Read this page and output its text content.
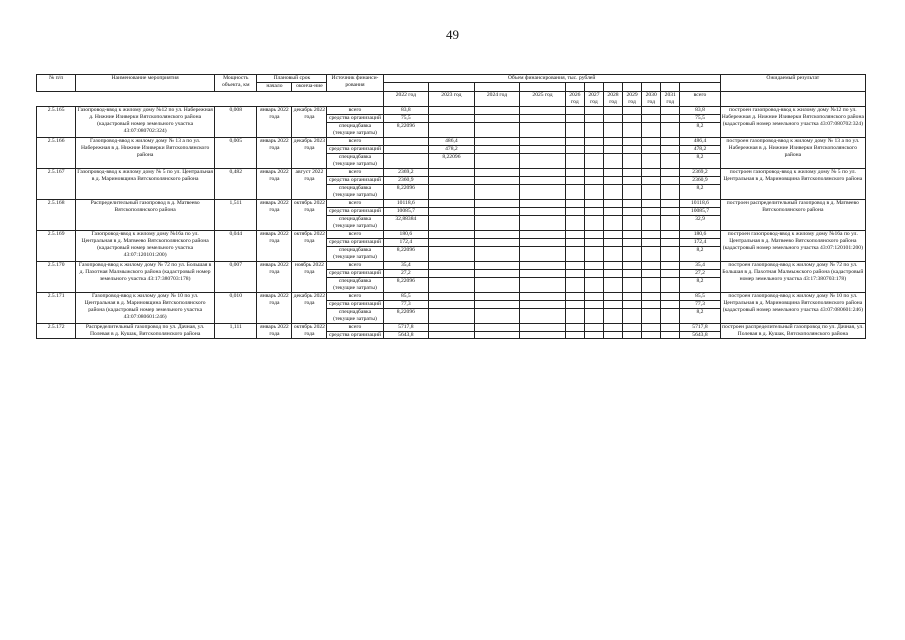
49
№ п/п	Наименование мероприятия	Мощность объекта, км	Плановый срок		Источник финанси-рования	Объем финансирования, тыс. рублей											Ожидаемый результат
			начало	оконча-ние													

						2022 год	2023 год	2024 год	2025 год	2026 год	2027 год	2028 год	2029 год	2030 год	2031 год	всего	
2.5.165	Газопровод-ввод к жилому дому №12 по ул. Набережная д. Нижние Изиверки Вятскополянского района (кадастровый номер земельного участка 43:07:080702:324)	0,008	январь 2022 года	декабрь 2022 года	всего	83,8										83,8	построен газопровод-ввод к жилому дому №12 по ул. Набережная д. Нижние Изиверки Вятскополянского района (кадастровый номер земельного участка 43:07:080702:324)
					средства организаций	75,5										75,5	
					спецнадбавка (текущие затраты)	8,22096										8,2	
2.5.166	Газопровод-ввод к жилому дому № 13 а по ул. Набережная в д. Нижние Изиверки Вятскополянского района	0,005	январь 2022 года	декабрь 2023 года	всего		486,4									486,4	построен газопровод-ввод к жилому дому № 13 а по ул. Набережная в д. Нижние Изиверки Вятскополянского района
					средства организаций		478,2									478,2	
					спецнадбавка (текущие затраты)		8,22096									8,2	
2.5.167	Газопровод-ввод к жилому дому № 5 по ул. Центральная в д. Мариновщина Вятскополянского района	0,482	январь 2022 года	август 2022 года	всего	2369,2										2369,2	построен газопровод-ввод к жилому дому № 5 по ул. Центральная в д. Мариновщина Вятскополянского района
					средства организаций	2360,9										2360,9	
					спецнадбавка (текущие затраты)	8,22096										8,2	
2.5.168	Распределительный газопровод в д. Матвеево Вятскополянского района	1,511	январь 2022 года	октябрь 2022 года	всего	10118,6										10118,6	построен распределительный газопровод в д. Матвеево Вятскополянского района
					средства организаций	10085,7										10085,7	
					спецнадбавка (текущие затраты)	32,88384										32,9	
2.5.169	Газопровод-ввод к жилому дому №16а по ул. Центральная в д. Матвеево Вятскополянского района (кадастровый номер земельного участка 43:07:120101:200)	0,044	январь 2022 года	октябрь 2022 года	всего	180,6										180,6	построен газопровод-ввод к жилому дому №16а по ул. Центральная в д. Матвеево Вятскополянского района (кадастровый номер земельного участка 43:07:120101:200)
					средства организаций	172,4										172,4	
					спецнадбавка (текущие затраты)	8,22096										8,2	
2.5.170	Газопровод-ввод к жилому дому № 72 по ул. Большая в д. Пахотная Малмыжского района (кадастровый номер земельного участка 43:17:380703:178)	0,007	январь 2022 года	ноябрь 2022 года	всего	35,4										35,4	построен газопровод-ввод к жилому дому № 72 по ул. Большая в д. Пахотная Малмыжского района (кадастровый номер земельного участка 43:17:380703:178)
					средства организаций	27,2										27,2	
					спецнадбавка (текущие затраты)	8,22096										8,2	
2.5.171	Газопровод-ввод к жилому дому № 10 по ул. Центральная в д. Мариновщина Вятскополянского района (кадастровый номер земельного участка 43:07:080601:246)	0,010	январь 2022 года	декабрь 2022 года	всего	85,5										85,5	построен газопровод-ввод к жилому дому № 10 по ул. Центральная в д. Мариновщина Вятскополянского района (кадастровый номер земельного участка 43:07:080601:246)
					средства организаций	77,3										77,3	
					спецнадбавка (текущие затраты)	8,22096										8,2	
2.5.172	Распределительный газопровод по ул. Дачная, ул. Полевая в д. Кушак, Вятскополянского района	1,111	январь 2022 года	октябрь 2022 года	всего	5717,8										5717,8	построен распределительный газопровод по ул. Дачная, ул. Полевая в д. Кушак, Вятскополянского района
					средства организаций	5643,8										5643,8	
